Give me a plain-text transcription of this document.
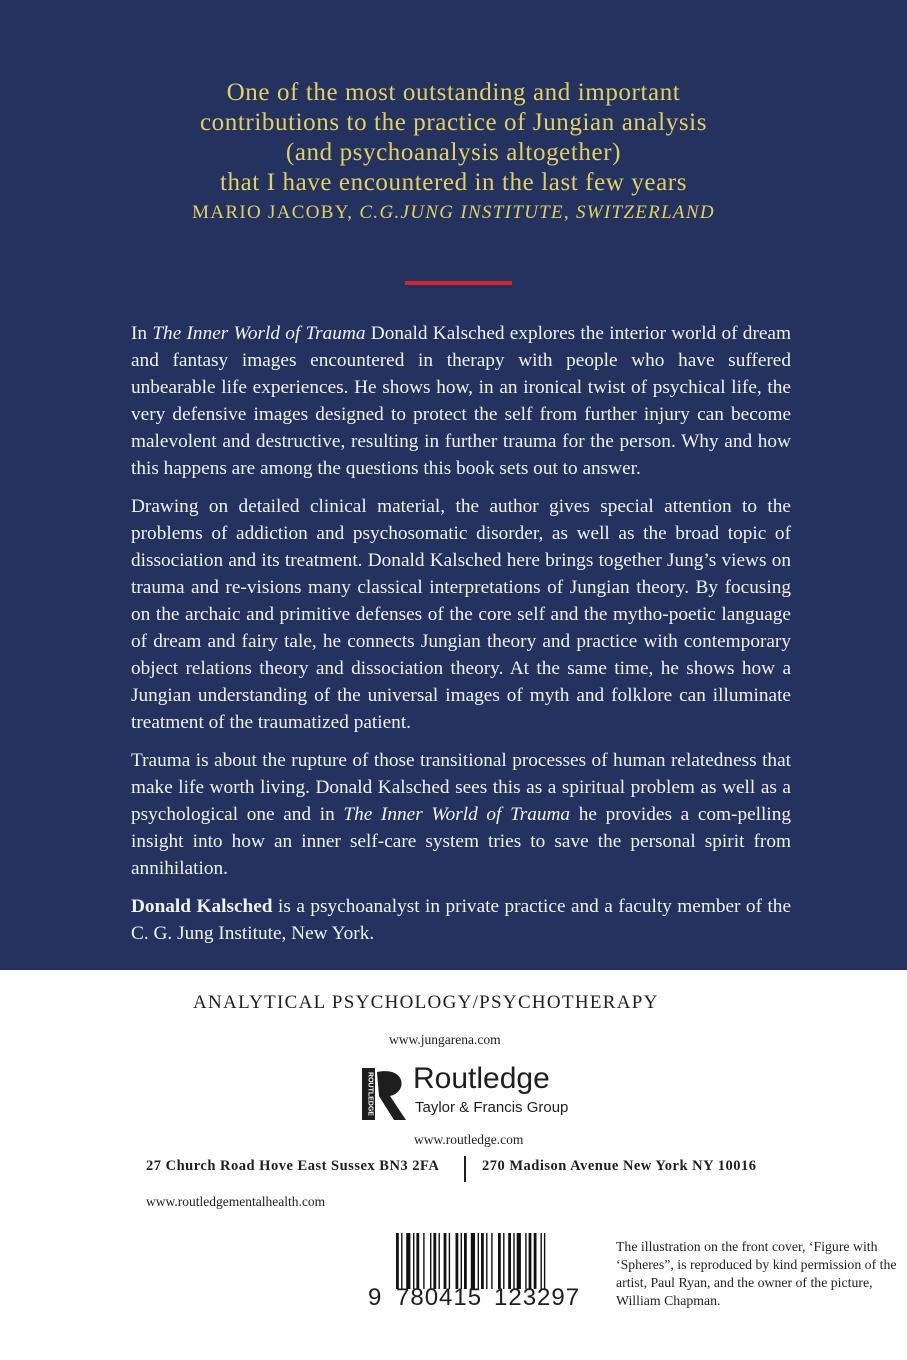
One of the most outstanding and important
contributions to the practice of Jungian analysis
(and psychoanalysis altogether)
that I have encountered in the last few years
MARIO JACOBY, C.G.JUNG INSTITUTE, SWITZERLAND

In The Inner World of Trauma Donald Kalsched explores the interior world of dream and fantasy images encountered in therapy with people who have suffered unbearable life experiences. He shows how, in an ironical twist of psychical life, the very defensive images designed to protect the self from further injury can become malevolent and destructive, resulting in further trauma for the person. Why and how this happens are among the questions this book sets out to answer.

Drawing on detailed clinical material, the author gives special attention to the problems of addiction and psychosomatic disorder, as well as the broad topic of dissociation and its treatment. Donald Kalsched here brings together Jung’s views on trauma and re-visions many classical interpretations of Jungian theory. By focusing on the archaic and primitive defenses of the core self and the mytho-poetic language of dream and fairy tale, he connects Jungian theory and practice with contemporary object relations theory and dissociation theory. At the same time, he shows how a Jungian understanding of the universal images of myth and folklore can illuminate treatment of the traumatized patient.

Trauma is about the rupture of those transitional processes of human relatedness that make life worth living. Donald Kalsched sees this as a spiritual problem as well as a psychological one and in The Inner World of Trauma he provides a com-pelling insight into how an inner self-care system tries to save the personal spirit from annihilation.

Donald Kalsched is a psychoanalyst in private practice and a faculty member of the C. G. Jung Institute, New York.

ANALYTICAL PSYCHOLOGY/PSYCHOTHERAPY
www.jungarena.com
ROUTLEDGE Routledge
Taylor & Francis Group
www.routledge.com
27 Church Road Hove East Sussex BN3 2FA	270 Madison Avenue New York NY 10016
www.routledgementalhealth.com
9 780415 123297
The illustration on the front cover, ‘Figure with ‘Spheres”, is reproduced by kind permission of the artist, Paul Ryan, and the owner of the picture, William Chapman.
